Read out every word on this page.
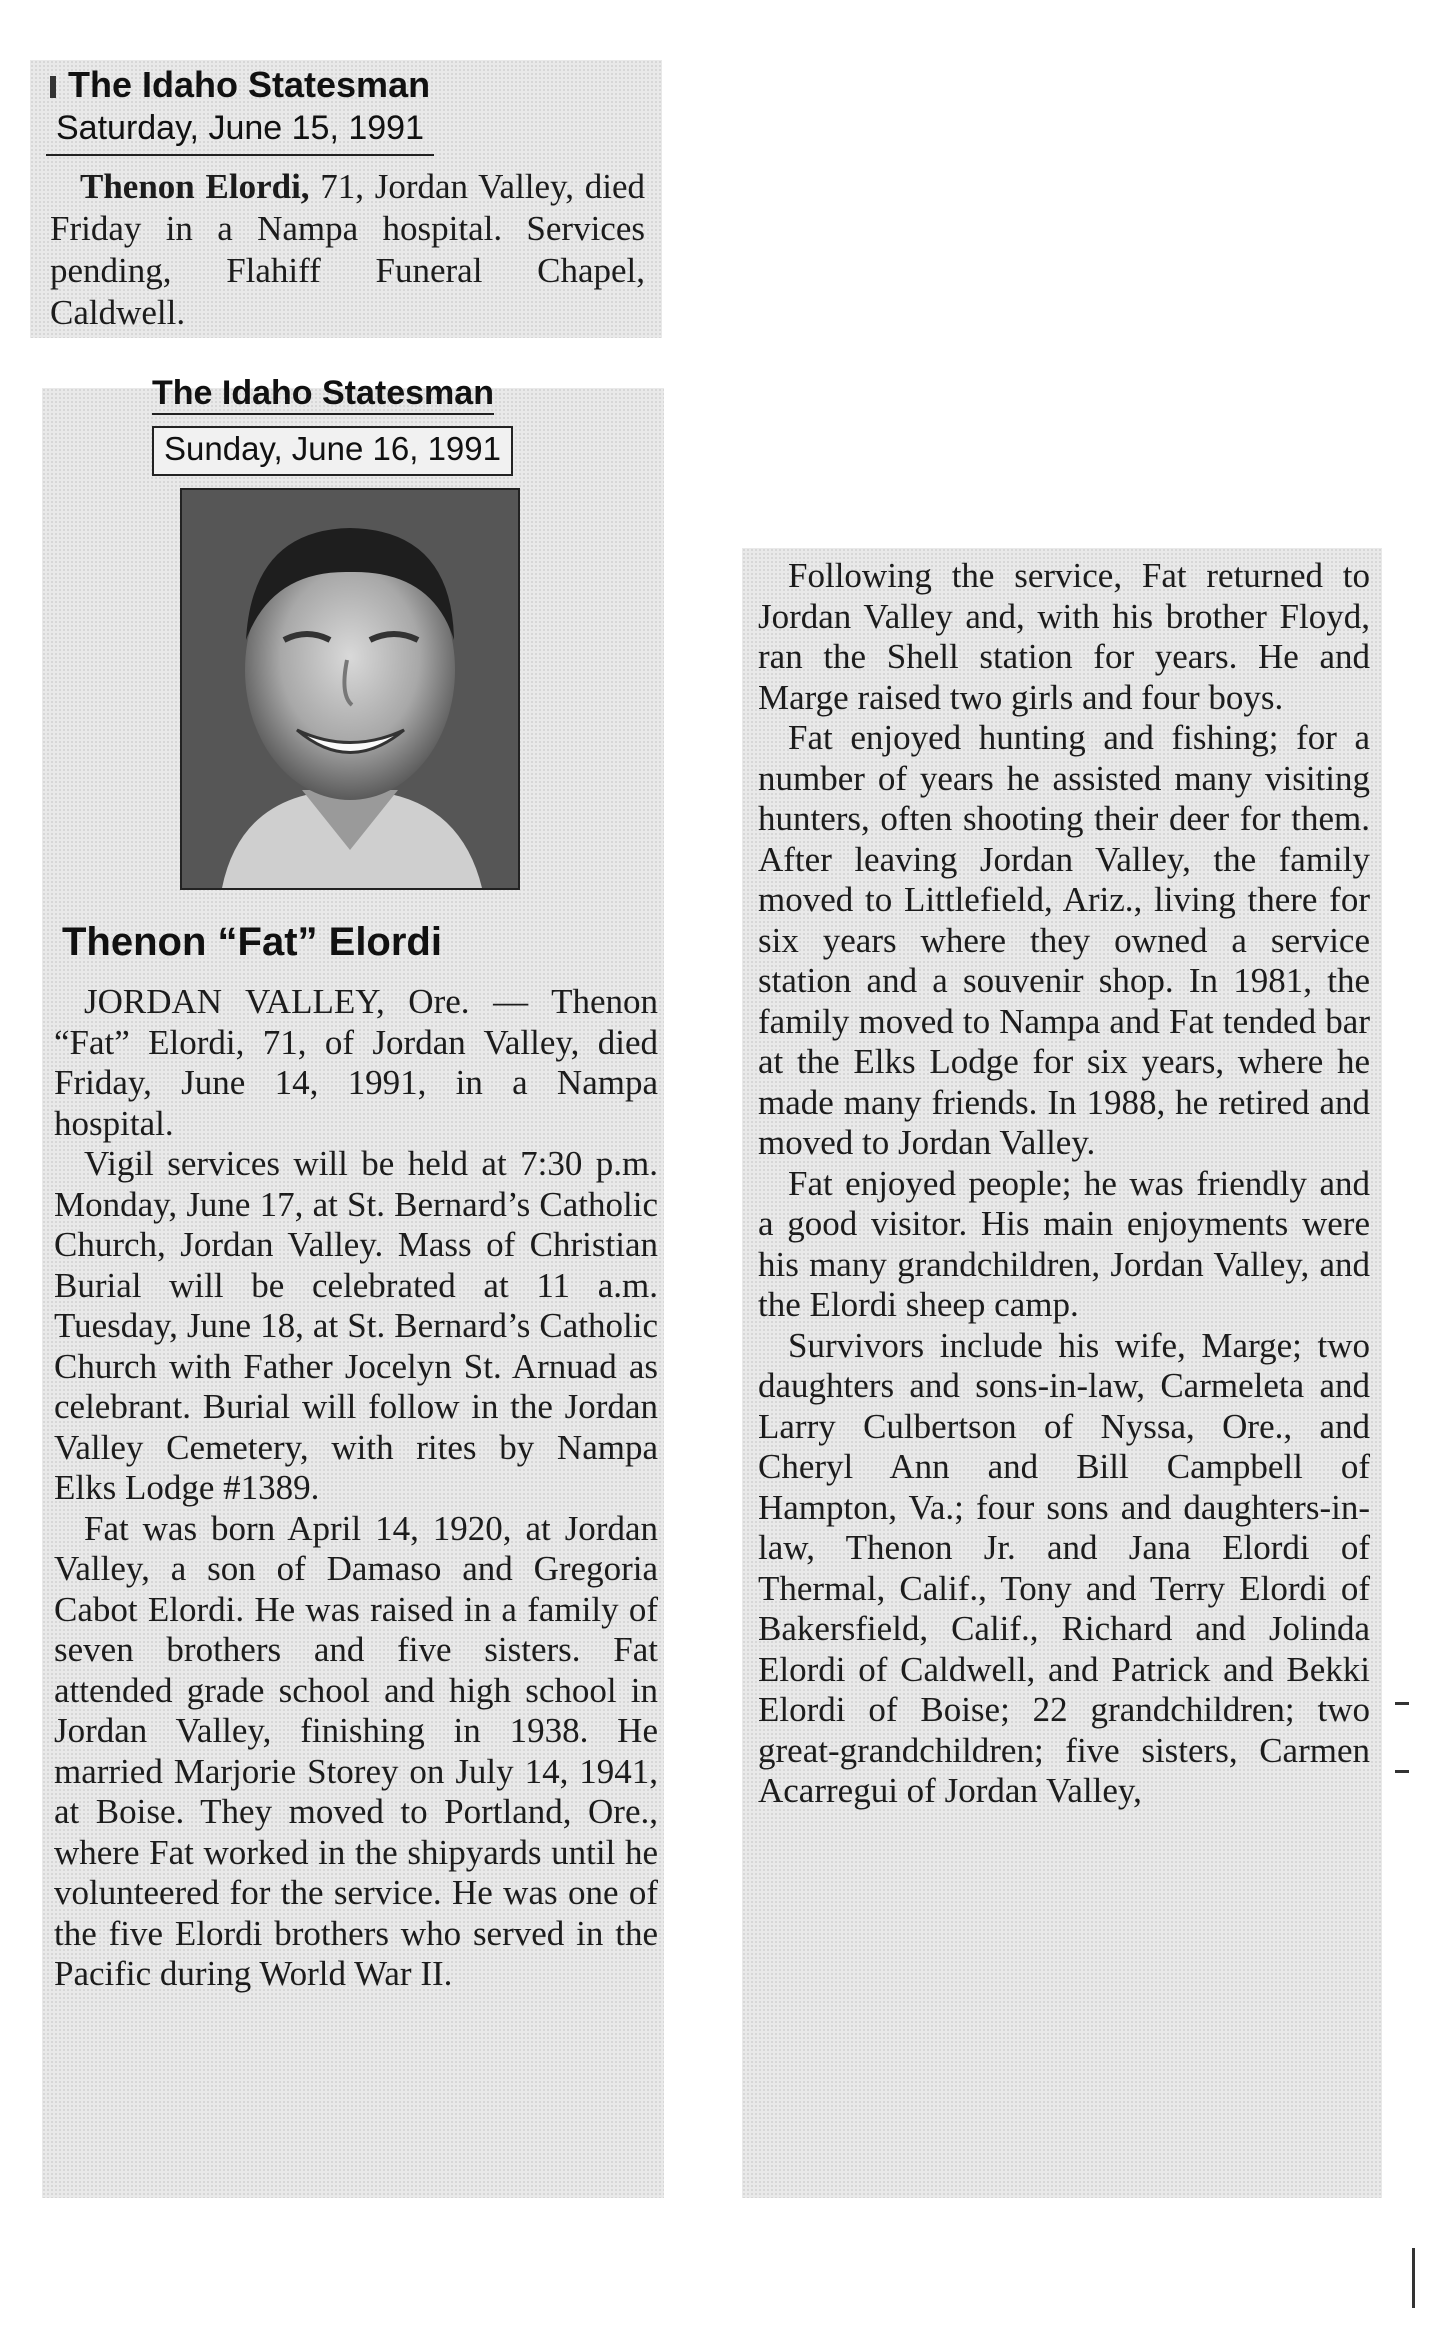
The Idaho Statesman
Saturday, June 15, 1991

Thenon Elordi, 71, Jordan Valley, died Friday in a Nampa hospital. Services pending, Flahiff Funeral Chapel, Caldwell.

The Idaho Statesman
Sunday, June 16, 1991
Thenon “Fat” Elordi

JORDAN VALLEY, Ore. — Thenon “Fat” Elordi, 71, of Jordan Valley, died Friday, June 14, 1991, in a Nampa hospital.

Vigil services will be held at 7:30 p.m. Monday, June 17, at St. Bernard’s Catholic Church, Jordan Valley. Mass of Christian Burial will be celebrated at 11 a.m. Tuesday, June 18, at St. Bernard’s Catholic Church with Father Jocelyn St. Arnuad as celebrant. Burial will follow in the Jordan Valley Cemetery, with rites by Nampa Elks Lodge #1389.

Fat was born April 14, 1920, at Jordan Valley, a son of Damaso and Gregoria Cabot Elordi. He was raised in a family of seven brothers and five sisters. Fat attended grade school and high school in Jordan Valley, finishing in 1938. He married Marjorie Storey on July 14, 1941, at Boise. They moved to Portland, Ore., where Fat worked in the shipyards until he volunteered for the service. He was one of the five Elordi brothers who served in the Pacific during World War II.

Following the service, Fat returned to Jordan Valley and, with his brother Floyd, ran the Shell station for years. He and Marge raised two girls and four boys.

Fat enjoyed hunting and fishing; for a number of years he assisted many visiting hunters, often shooting their deer for them. After leaving Jordan Valley, the family moved to Littlefield, Ariz., living there for six years where they owned a service station and a souvenir shop. In 1981, the family moved to Nampa and Fat tended bar at the Elks Lodge for six years, where he made many friends. In 1988, he retired and moved to Jordan Valley.

Fat enjoyed people; he was friendly and a good visitor. His main enjoyments were his many grandchildren, Jordan Valley, and the Elordi sheep camp.

Survivors include his wife, Marge; two daughters and sons-in-law, Carmeleta and Larry Culbertson of Nyssa, Ore., and Cheryl Ann and Bill Campbell of Hampton, Va.; four sons and daughters-in-law, Thenon Jr. and Jana Elordi of Thermal, Calif., Tony and Terry Elordi of Bakersfield, Calif., Richard and Jolinda Elordi of Caldwell, and Patrick and Bekki Elordi of Boise; 22 grandchildren; two great-grandchildren; five sisters, Carmen Acarregui of Jordan Valley,
